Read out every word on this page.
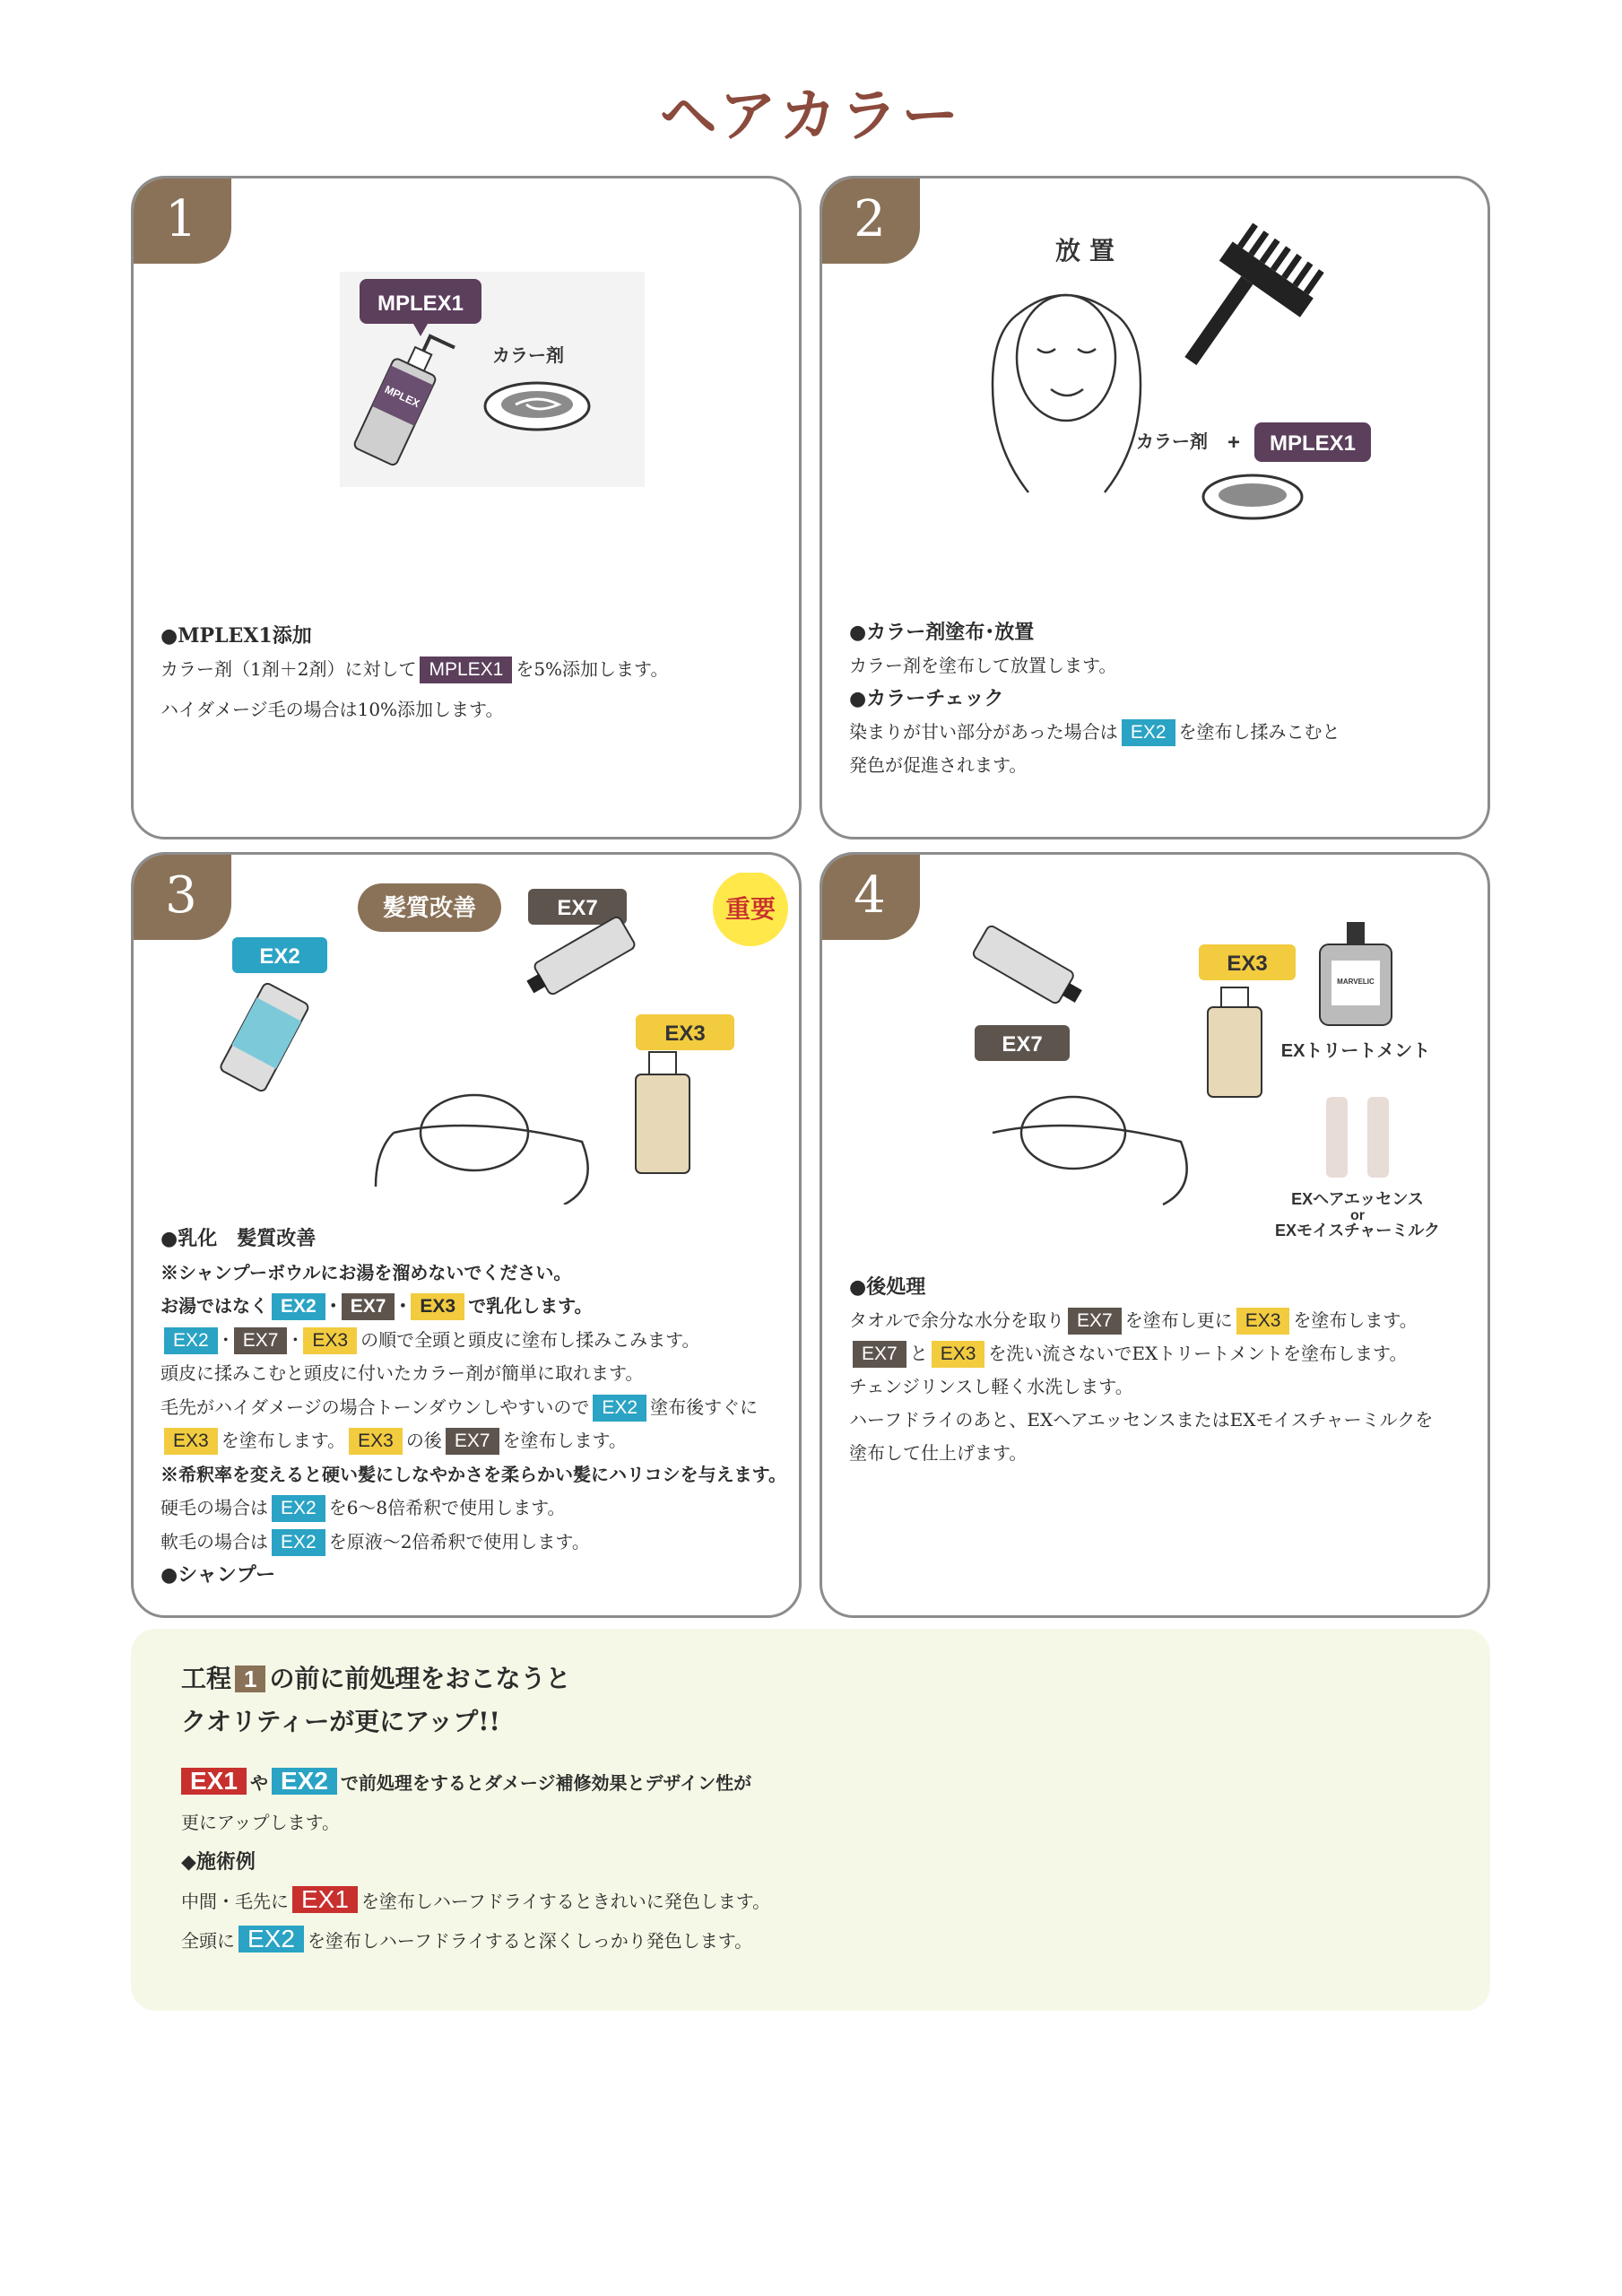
ヘアカラー
1
MPLEX1
MPLEX
カラー剤
●MPLEX1添加
カラー剤（1剤＋2剤）に対して MPLEX1 を5%添加します。
ハイダメージ毛の場合は10%添加します。
2
放置
カラー剤 + MPLEX1
●カラー剤塗布･放置
カラー剤を塗布して放置します。
●カラーチェック
染まりが甘い部分があった場合は EX2 を塗布し揉みこむと
発色が促進されます。
3	髪質改善	重要
EX7
EX2
EX3
●乳化　髪質改善
※シャンプーボウルにお湯を溜めないでください。
お湯ではなく EX2 ･ EX7 ･ EX3 で乳化します。
EX2 ･ EX7 ･ EX3 の順で全頭と頭皮に塗布し揉みこみます。
頭皮に揉みこむと頭皮に付いたカラー剤が簡単に取れます。
毛先がハイダメージの場合トーンダウンしやすいので EX2 塗布後すぐに
EX3 を塗布します。 EX3 の後 EX7 を塗布します。
※希釈率を変えると硬い髪にしなやかさを柔らかい髪にハリコシを与えます。
硬毛の場合は EX2 を6～8倍希釈で使用します。
軟毛の場合は EX2 を原液～2倍希釈で使用します。
●シャンプー
4
EX7
EX3
MARVELIC
EXトリートメント
EXヘアエッセンス
or
EXモイスチャーミルク
●後処理
タオルで余分な水分を取り EX7 を塗布し更に EX3 を塗布します。
EX7 と EX3 を洗い流さないでEXトリートメントを塗布します。
チェンジリンスし軽く水洗します。
ハーフドライのあと、EXヘアエッセンスまたはEXモイスチャーミルクを
塗布して仕上げます。
工程 1 の前に前処理をおこなうと
クオリティーが更にアップ!!
EX1 や EX2 で前処理をするとダメージ補修効果とデザイン性が
更にアップします。
◆施術例
中間・毛先に EX1 を塗布しハーフドライするときれいに発色します。
全頭に EX2 を塗布しハーフドライすると深くしっかり発色します。
